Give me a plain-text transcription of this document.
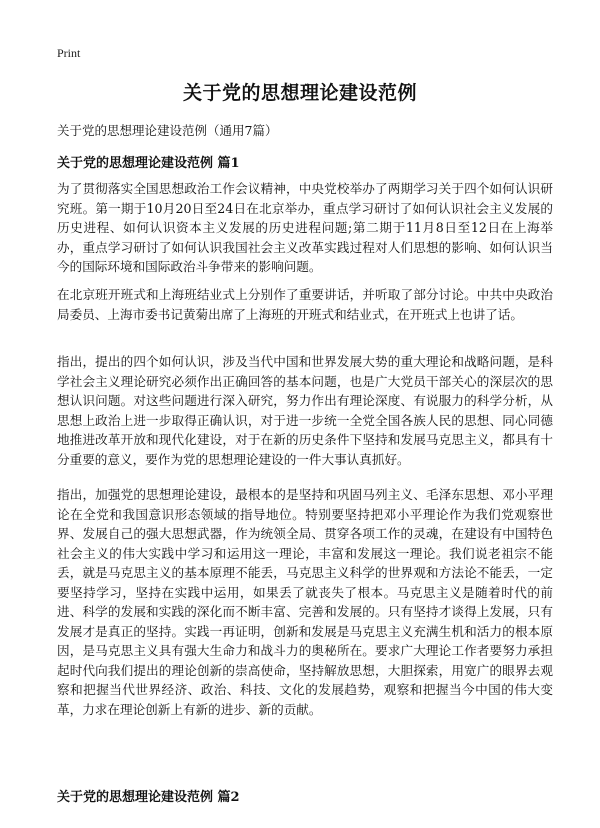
Print
关于党的思想理论建设范例
关于党的思想理论建设范例（通用7篇）
关于党的思想理论建设范例 篇1

为了贯彻落实全国思想政治工作会议精神，中央党校举办了两期学习关于四个如何认识研究班。第一期于10月20日至24日在北京举办，重点学习研讨了如何认识社会主义发展的历史进程、如何认识资本主义发展的历史进程问题;第二期于11月8日至12日在上海举办，重点学习研讨了如何认识我国社会主义改革实践过程对人们思想的影响、如何认识当今的国际环境和国际政治斗争带来的影响问题。

在北京班开班式和上海班结业式上分别作了重要讲话，并听取了部分讨论。中共中央政治局委员、上海市委书记黄菊出席了上海班的开班式和结业式，在开班式上也讲了话。

指出，提出的四个如何认识，涉及当代中国和世界发展大势的重大理论和战略问题，是科学社会主义理论研究必须作出正确回答的基本问题，也是广大党员干部关心的深层次的思想认识问题。对这些问题进行深入研究，努力作出有理论深度、有说服力的科学分析，从思想上政治上进一步取得正确认识，对于进一步统一全党全国各族人民的思想、同心同德地推进改革开放和现代化建设，对于在新的历史条件下坚持和发展马克思主义，都具有十分重要的意义，要作为党的思想理论建设的一件大事认真抓好。

指出，加强党的思想理论建设，最根本的是坚持和巩固马列主义、毛泽东思想、邓小平理论在全党和我国意识形态领域的指导地位。特别要坚持把邓小平理论作为我们党观察世界、发展自己的强大思想武器，作为统领全局、贯穿各项工作的灵魂，在建设有中国特色社会主义的伟大实践中学习和运用这一理论，丰富和发展这一理论。我们说老祖宗不能丢，就是马克思主义的基本原理不能丢，马克思主义科学的世界观和方法论不能丢，一定要坚持学习，坚持在实践中运用，如果丢了就丧失了根本。马克思主义是随着时代的前进、科学的发展和实践的深化而不断丰富、完善和发展的。只有坚持才谈得上发展，只有发展才是真正的坚持。实践一再证明，创新和发展是马克思主义充满生机和活力的根本原因，是马克思主义具有强大生命力和战斗力的奥秘所在。要求广大理论工作者要努力承担起时代向我们提出的理论创新的崇高使命，坚持解放思想，大胆探索，用宽广的眼界去观察和把握当代世界经济、政治、科技、文化的发展趋势，观察和把握当今中国的伟大变革，力求在理论创新上有新的进步、新的贡献。

关于党的思想理论建设范例 篇2
